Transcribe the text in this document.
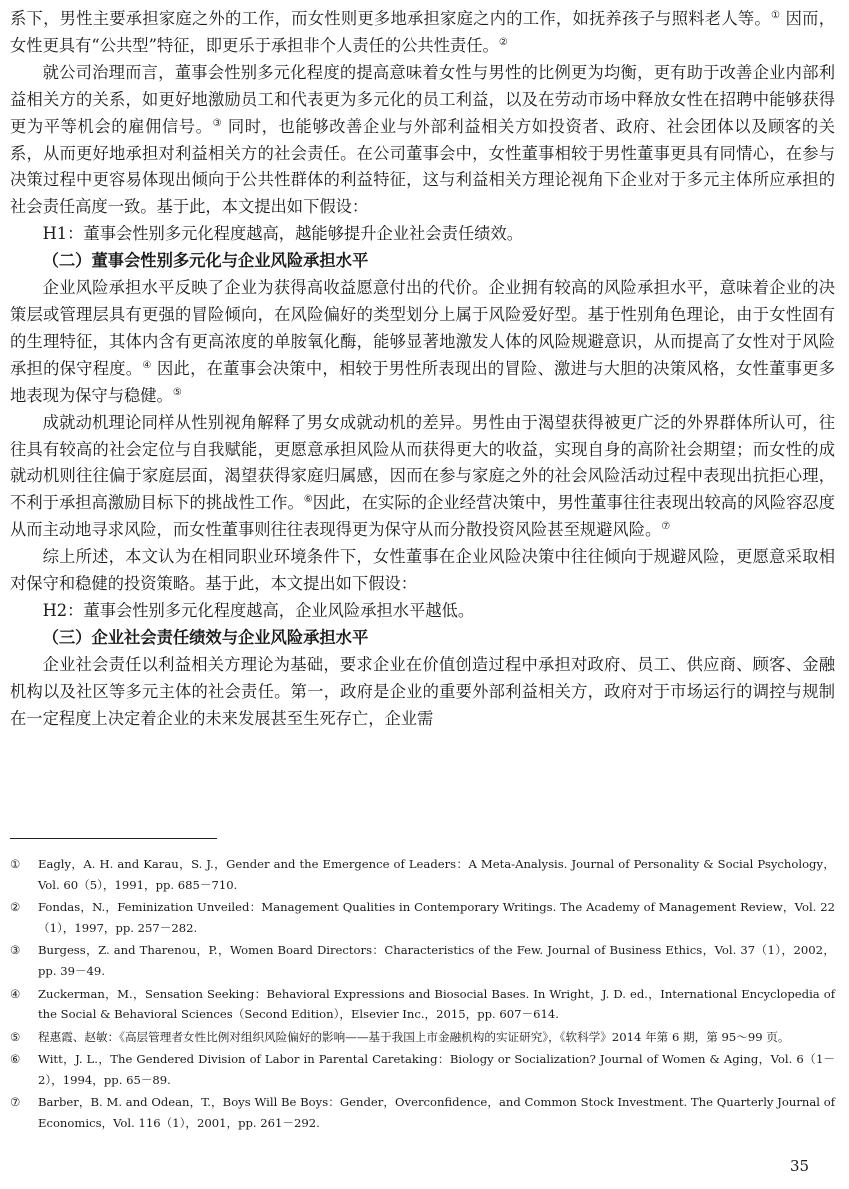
系下，男性主要承担家庭之外的工作，而女性则更多地承担家庭之内的工作，如抚养孩子与照料老人等。① 因而，女性更具有“公共型”特征，即更乐于承担非个人责任的公共性责任。②

就公司治理而言，董事会性别多元化程度的提高意味着女性与男性的比例更为均衡，更有助于改善企业内部利益相关方的关系，如更好地激励员工和代表更为多元化的员工利益，以及在劳动市场中释放女性在招聘中能够获得更为平等机会的雇佣信号。③ 同时，也能够改善企业与外部利益相关方如投资者、政府、社会团体以及顾客的关系，从而更好地承担对利益相关方的社会责任。在公司董事会中，女性董事相较于男性董事更具有同情心，在参与决策过程中更容易体现出倾向于公共性群体的利益特征，这与利益相关方理论视角下企业对于多元主体所应承担的社会责任高度一致。基于此，本文提出如下假设：

H1：董事会性别多元化程度越高，越能够提升企业社会责任绩效。

（二）董事会性别多元化与企业风险承担水平

企业风险承担水平反映了企业为获得高收益愿意付出的代价。企业拥有较高的风险承担水平，意味着企业的决策层或管理层具有更强的冒险倾向，在风险偏好的类型划分上属于风险爱好型。基于性别角色理论，由于女性固有的生理特征，其体内含有更高浓度的单胺氧化酶，能够显著地激发人体的风险规避意识，从而提高了女性对于风险承担的保守程度。④ 因此，在董事会决策中，相较于男性所表现出的冒险、激进与大胆的决策风格，女性董事更多地表现为保守与稳健。⑤

成就动机理论同样从性别视角解释了男女成就动机的差异。男性由于渴望获得被更广泛的外界群体所认可，往往具有较高的社会定位与自我赋能，更愿意承担风险从而获得更大的收益，实现自身的高阶社会期望；而女性的成就动机则往往偏于家庭层面，渴望获得家庭归属感，因而在参与家庭之外的社会风险活动过程中表现出抗拒心理，不利于承担高激励目标下的挑战性工作。⑥因此，在实际的企业经营决策中，男性董事往往表现出较高的风险容忍度从而主动地寻求风险，而女性董事则往往表现得更为保守从而分散投资风险甚至规避风险。⑦

综上所述，本文认为在相同职业环境条件下，女性董事在企业风险决策中往往倾向于规避风险，更愿意采取相对保守和稳健的投资策略。基于此，本文提出如下假设：

H2：董事会性别多元化程度越高，企业风险承担水平越低。

（三）企业社会责任绩效与企业风险承担水平

企业社会责任以利益相关方理论为基础，要求企业在价值创造过程中承担对政府、员工、供应商、顾客、金融机构以及社区等多元主体的社会责任。第一，政府是企业的重要外部利益相关方，政府对于市场运行的调控与规制在一定程度上决定着企业的未来发展甚至生死存亡，企业需

① Eagly，A. H. and Karau，S. J.，Gender and the Emergence of Leaders：A Meta-Analysis. Journal of Personality & Social Psychology，Vol. 60（5），1991，pp. 685－710.
② Fondas，N.，Feminization Unveiled：Management Qualities in Contemporary Writings. The Academy of Management Review，Vol. 22（1），1997，pp. 257－282.
③ Burgess，Z. and Tharenou，P.，Women Board Directors：Characteristics of the Few. Journal of Business Ethics，Vol. 37（1），2002，pp. 39－49.
④ Zuckerman，M.，Sensation Seeking：Behavioral Expressions and Biosocial Bases. In Wright，J. D. ed.，International Encyclopedia of the Social & Behavioral Sciences（Second Edition），Elsevier Inc.，2015，pp. 607－614.
⑤ 程惠霞、赵敏：《高层管理者女性比例对组织风险偏好的影响——基于我国上市金融机构的实证研究》，《软科学》2014 年第 6 期，第 95～99 页。
⑥ Witt，J. L.，The Gendered Division of Labor in Parental Caretaking：Biology or Socialization? Journal of Women & Aging，Vol. 6（1－2），1994，pp. 65－89.
⑦ Barber，B. M. and Odean，T.，Boys Will Be Boys：Gender，Overconfidence，and Common Stock Investment. The Quarterly Journal of Economics，Vol. 116（1），2001，pp. 261－292.
35
